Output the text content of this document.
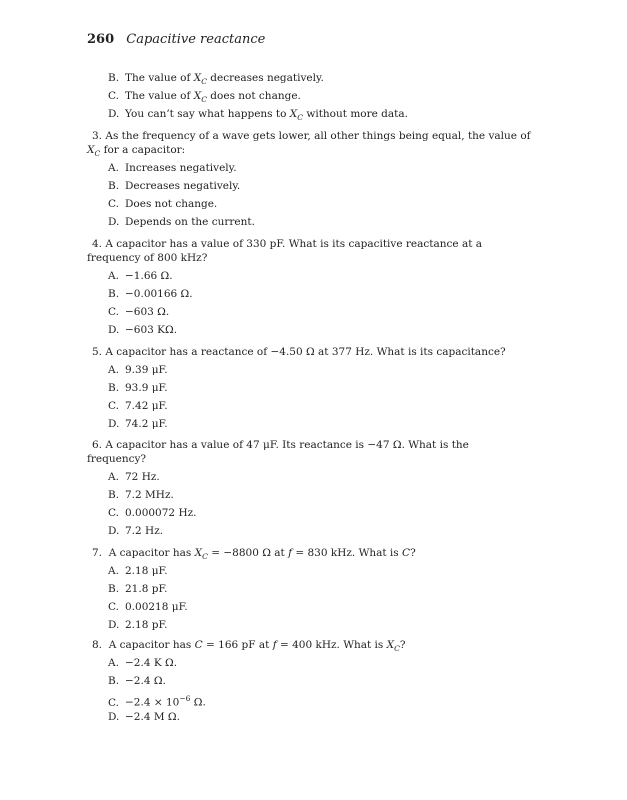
260 Capacitive reactance
B. The value of $X_C$ decreases negatively.
C. The value of $X_C$ does not change.
D. You can’t say what happens to $X_C$ without more data.
3. As the frequency of a wave gets lower, all other things being equal, the value of
$X_C$ for a capacitor:
A. Increases negatively.
B. Decreases negatively.
C. Does not change.
D. Depends on the current.
4. A capacitor has a value of 330 pF. What is its capacitive reactance at a
frequency of 800 kHz?
A. −1.66 Ω.
B. −0.00166 Ω.
C. −603 Ω.
D. −603 KΩ.
5. A capacitor has a reactance of −4.50 Ω at 377 Hz. What is its capacitance?
A. 9.39 μF.
B. 93.9 μF.
C. 7.42 μF.
D. 74.2 μF.
6. A capacitor has a value of 47 μF. Its reactance is −47 Ω. What is the
frequency?
A. 72 Hz.
B. 7.2 MHz.
C. 0.000072 Hz.
D. 7.2 Hz.
7. A capacitor has $X_C = -8800$ Ω at f = 830 kHz. What is C?
A. 2.18 μF.
B. 21.8 pF.
C. 0.00218 μF.
D. 2.18 pF.
8. A capacitor has C = 166 pF at f = 400 kHz. What is $X_C$?
A. −2.4 K Ω.
B. −2.4 Ω.
C. $-2.4 \times 10^{-6}$ Ω.
D. −2.4 M Ω.
